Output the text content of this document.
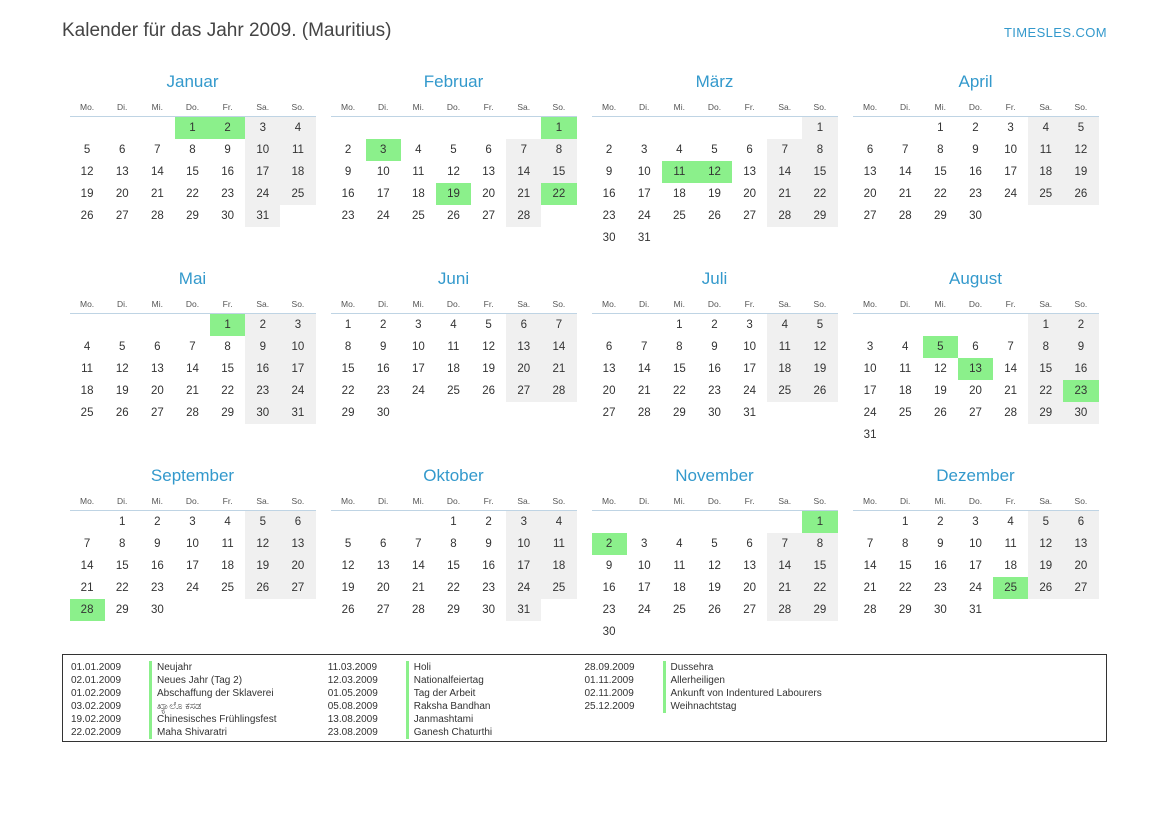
Kalender für das Jahr 2009. (Mauritius)	TIMESLES.COM
Januar
Mo.	Di.	Mi.	Do.	Fr.	Sa.	So.
			1	2	3	4
5	6	7	8	9	10	11
12	13	14	15	16	17	18
19	20	21	22	23	24	25
26	27	28	29	30	31	
Februar
Mo.	Di.	Mi.	Do.	Fr.	Sa.	So.
						1
2	3	4	5	6	7	8
9	10	11	12	13	14	15
16	17	18	19	20	21	22
23	24	25	26	27	28	
März
Mo.	Di.	Mi.	Do.	Fr.	Sa.	So.
						1
2	3	4	5	6	7	8
9	10	11	12	13	14	15
16	17	18	19	20	21	22
23	24	25	26	27	28	29
30	31					
April
Mo.	Di.	Mi.	Do.	Fr.	Sa.	So.
		1	2	3	4	5
6	7	8	9	10	11	12
13	14	15	16	17	18	19
20	21	22	23	24	25	26
27	28	29	30			
Mai
Mo.	Di.	Mi.	Do.	Fr.	Sa.	So.
				1	2	3
4	5	6	7	8	9	10
11	12	13	14	15	16	17
18	19	20	21	22	23	24
25	26	27	28	29	30	31
Juni
Mo.	Di.	Mi.	Do.	Fr.	Sa.	So.
1	2	3	4	5	6	7
8	9	10	11	12	13	14
15	16	17	18	19	20	21
22	23	24	25	26	27	28
29	30					
Juli
Mo.	Di.	Mi.	Do.	Fr.	Sa.	So.
		1	2	3	4	5
6	7	8	9	10	11	12
13	14	15	16	17	18	19
20	21	22	23	24	25	26
27	28	29	30	31		
August
Mo.	Di.	Mi.	Do.	Fr.	Sa.	So.
					1	2
3	4	5	6	7	8	9
10	11	12	13	14	15	16
17	18	19	20	21	22	23
24	25	26	27	28	29	30
31						
September
Mo.	Di.	Mi.	Do.	Fr.	Sa.	So.
	1	2	3	4	5	6
7	8	9	10	11	12	13
14	15	16	17	18	19	20
21	22	23	24	25	26	27
28	29	30				
Oktober
Mo.	Di.	Mi.	Do.	Fr.	Sa.	So.
			1	2	3	4
5	6	7	8	9	10	11
12	13	14	15	16	17	18
19	20	21	22	23	24	25
26	27	28	29	30	31	
November
Mo.	Di.	Mi.	Do.	Fr.	Sa.	So.
						1
2	3	4	5	6	7	8
9	10	11	12	13	14	15
16	17	18	19	20	21	22
23	24	25	26	27	28	29
30						
Dezember
Mo.	Di.	Mi.	Do.	Fr.	Sa.	So.
	1	2	3	4	5	6
7	8	9	10	11	12	13
14	15	16	17	18	19	20
21	22	23	24	25	26	27
28	29	30	31			
01.01.2009	Neujahr
02.01.2009	Neues Jahr (Tag 2)
01.02.2009	Abschaffung der Sklaverei
03.02.2009	ಖ್ಯಾಲೊ ಕಸಡ
19.02.2009	Chinesisches Frühlingsfest
22.02.2009	Maha Shivaratri
11.03.2009	Holi
12.03.2009	Nationalfeiertag
01.05.2009	Tag der Arbeit
05.08.2009	Raksha Bandhan
13.08.2009	Janmashtami
23.08.2009	Ganesh Chaturthi
28.09.2009	Dussehra
01.11.2009	Allerheiligen
02.11.2009	Ankunft von Indentured Labourers
25.12.2009	Weihnachtstag
